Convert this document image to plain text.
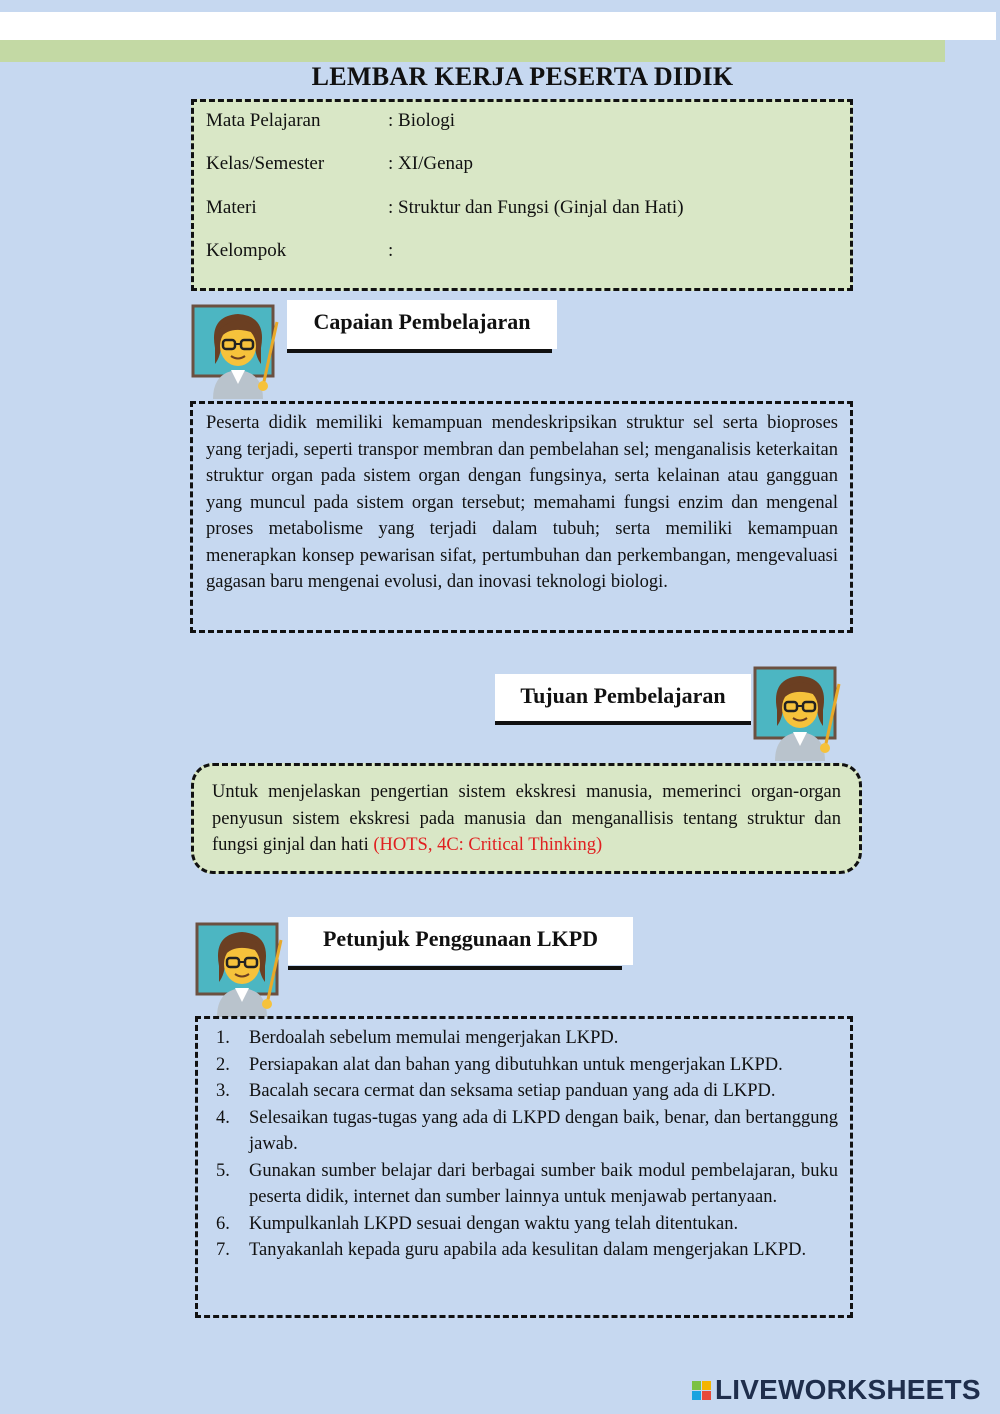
LEMBAR KERJA PESERTA DIDIK
Mata Pelajaran	: Biologi
Kelas/Semester	: XI/Genap
Materi	: Struktur dan Fungsi (Ginjal dan Hati)
Kelompok	:
Capaian Pembelajaran
Peserta didik memiliki kemampuan mendeskripsikan struktur sel serta bioproses yang terjadi, seperti transpor membran dan pembelahan sel; menganalisis keterkaitan struktur organ pada sistem organ dengan fungsinya, serta kelainan atau gangguan yang muncul pada sistem organ tersebut; memahami fungsi enzim dan mengenal proses metabolisme yang terjadi dalam tubuh; serta memiliki kemampuan menerapkan konsep pewarisan sifat, pertumbuhan dan perkembangan, mengevaluasi gagasan baru mengenai evolusi, dan inovasi teknologi biologi.
Tujuan Pembelajaran
Untuk menjelaskan pengertian sistem ekskresi manusia, memerinci organ-organ penyusun sistem ekskresi pada manusia dan menganallisis tentang struktur dan fungsi ginjal dan hati (HOTS, 4C: Critical Thinking)
Petunjuk Penggunaan LKPD
1. Berdoalah sebelum memulai mengerjakan LKPD.
2. Persiapakan alat dan bahan yang dibutuhkan untuk mengerjakan LKPD.
3. Bacalah secara cermat dan seksama setiap panduan yang ada di LKPD.
4. Selesaikan tugas-tugas yang ada di LKPD dengan baik, benar, dan bertanggung jawab.
5. Gunakan sumber belajar dari berbagai sumber baik modul pembelajaran, buku peserta didik, internet dan sumber lainnya untuk menjawab pertanyaan.
6. Kumpulkanlah LKPD sesuai dengan waktu yang telah ditentukan.
7. Tanyakanlah kepada guru apabila ada kesulitan dalam mengerjakan LKPD.
LIVEWORKSHEETS
